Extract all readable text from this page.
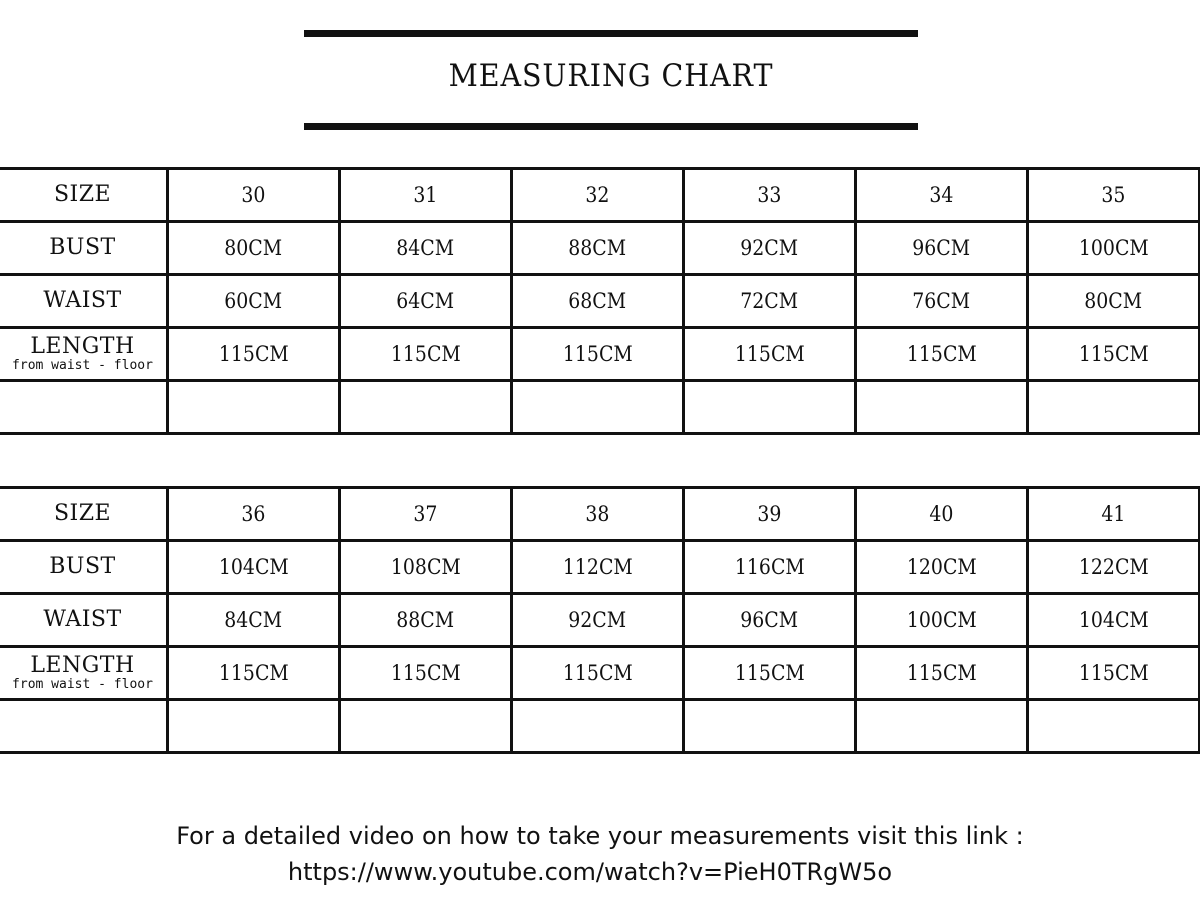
MEASURING CHART
SIZE	30	31	32	33	34	35

BUST	80CM	84CM	88CM	92CM	96CM	100CM

WAIST	60CM	64CM	68CM	72CM	76CM	80CM

LENGTH
from waist - floor	115CM	115CM	115CM	115CM	115CM	115CM

SIZE	36	37	38	39	40	41

BUST	104CM	108CM	112CM	116CM	120CM	122CM

WAIST	84CM	88CM	92CM	96CM	100CM	104CM

LENGTH
from waist - floor	115CM	115CM	115CM	115CM	115CM	115CM

For a detailed video on how to take your measurements visit this link :
https://www.youtube.com/watch?v=PieH0TRgW5o
